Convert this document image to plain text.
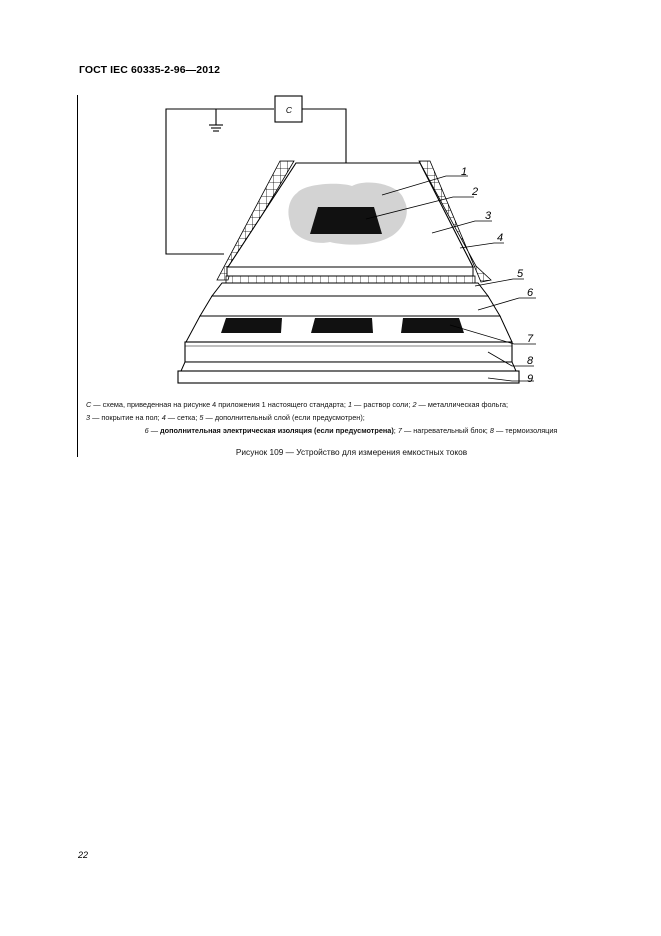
ГОСТ IEC 60335-2-96—2012
C
1
2
3
4
5
6
7
8
9
C — схема, приведенная на рисунке 4 приложения 1 настоящего стандарта; 1 — раствор соли; 2 — металлическая фольга;
3 — покрытие на пол; 4 — сетка; 5 — дополнительный слой (если предусмотрен);
6 — дополнительная электрическая изоляция (если предусмотрена); 7 — нагревательный блок; 8 — термоизоляция
Рисунок 109 — Устройство для измерения емкостных токов
22
